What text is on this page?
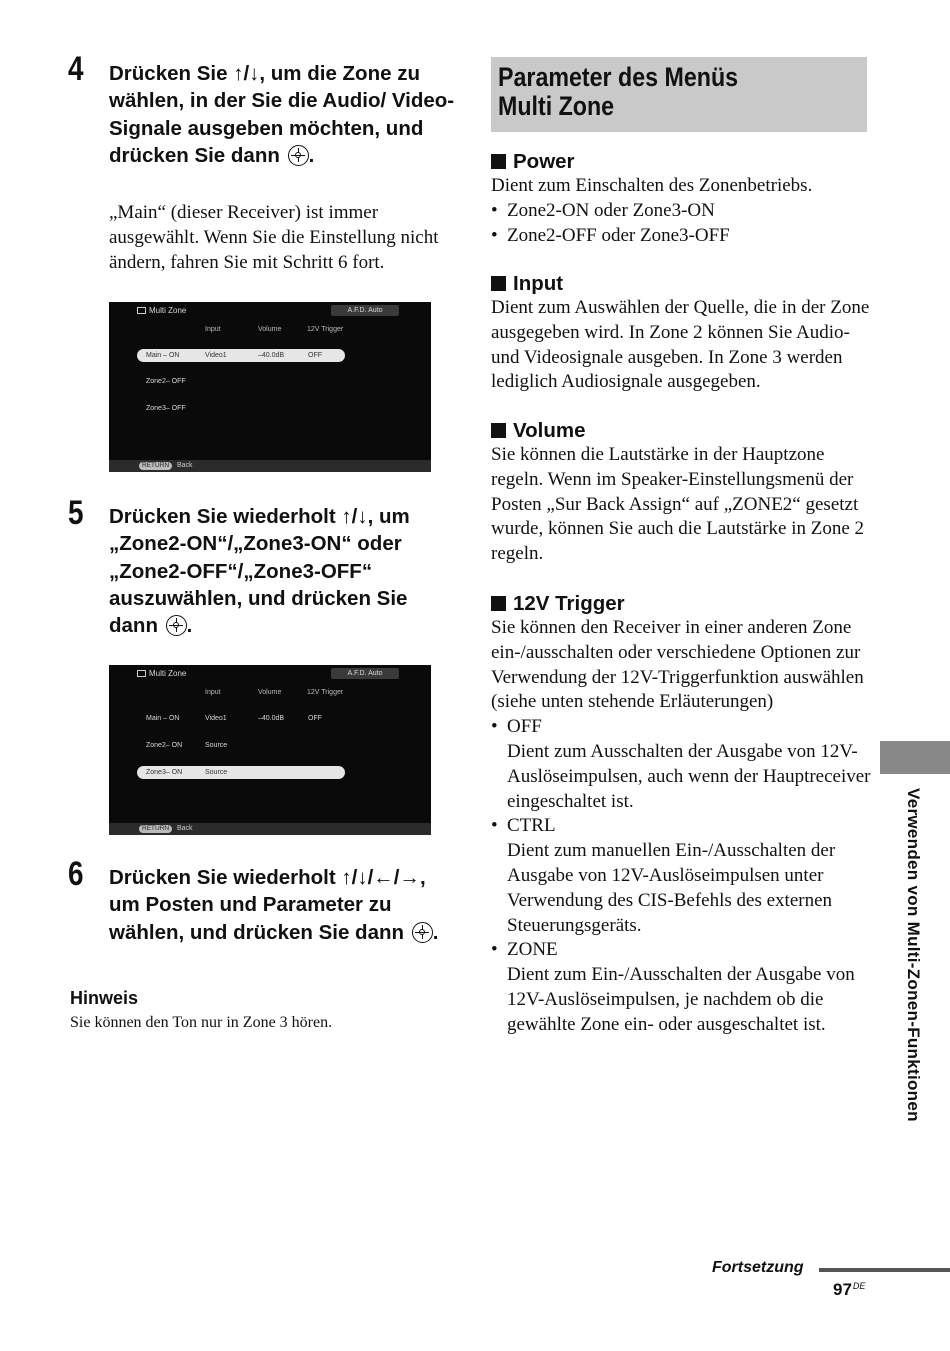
4 Drücken Sie ↑/↓, um die Zone zu wählen, in der Sie die Audio/ Video-Signale ausgeben möchten, und drücken Sie dann .
„Main“ (dieser Receiver) ist immer ausgewählt. Wenn Sie die Einstellung nicht ändern, fahren Sie mit Schritt 6 fort.
Multi Zone	A.F.D. Auto
Input	Volume	12V Trigger
Main – ON	Video1	–40.0dB	OFF
Zone2– OFF
Zone3– OFF
RETURN	Back
5 Drücken Sie wiederholt ↑/↓, um „Zone2-ON“/„Zone3-ON“ oder „Zone2-OFF“/„Zone3-OFF“ auszuwählen, und drücken Sie dann .
Multi Zone	A.F.D. Auto
Input	Volume	12V Trigger
Main – ON	Video1	–40.0dB	OFF
Zone2– ON	Source
Zone3– ON	Source
RETURN	Back
6 Drücken Sie wiederholt ↑/↓/←/→, um Posten und Parameter zu wählen, und drücken Sie dann .
Hinweis
Sie können den Ton nur in Zone 3 hören.
Parameter des Menüs Multi Zone
Power

Dient zum Einschalten des Zonenbetriebs.

• Zone2-ON oder Zone3-ON
• Zone2-OFF oder Zone3-OFF
Input

Dient zum Auswählen der Quelle, die in der Zone ausgegeben wird. In Zone 2 können Sie Audio- und Videosignale ausgeben. In Zone 3 werden lediglich Audiosignale ausgegeben.

Volume

Sie können die Lautstärke in der Hauptzone regeln. Wenn im Speaker-Einstellungsmenü der Posten „Sur Back Assign“ auf „ZONE2“ gesetzt wurde, können Sie auch die Lautstärke in Zone 2 regeln.

12V Trigger

Sie können den Receiver in einer anderen Zone ein-/ausschalten oder verschiedene Optionen zur Verwendung der 12V-Triggerfunktion auswählen (siehe unten stehende Erläuterungen)

• OFF
Dient zum Ausschalten der Ausgabe von 12V-Auslöseimpulsen, auch wenn der Hauptreceiver eingeschaltet ist.
• CTRL
Dient zum manuellen Ein-/Ausschalten der Ausgabe von 12V-Auslöseimpulsen unter Verwendung des CIS-Befehls des externen Steuerungsgeräts.
• ZONE
Dient zum Ein-/Ausschalten der Ausgabe von 12V-Auslöseimpulsen, je nachdem ob die gewählte Zone ein- oder ausgeschaltet ist.	Verwenden von Multi-Zonen-Funktionen
Fortsetzung
97DE
